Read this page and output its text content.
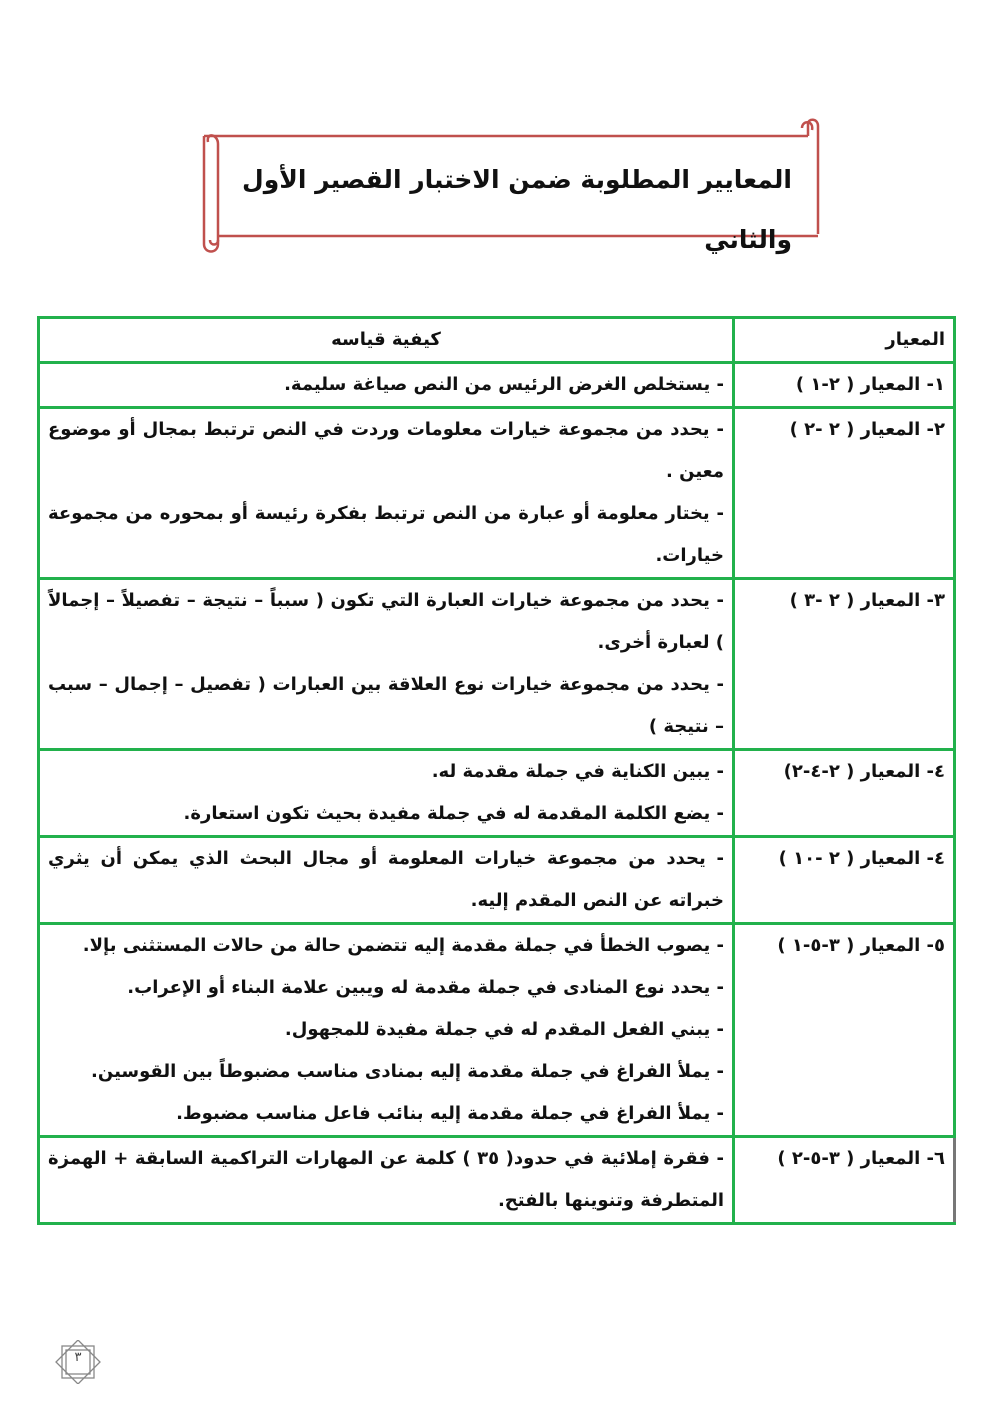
المعايير المطلوبة ضمن الاختبار القصير الأول والثاني
المعيار	كيفية قياسه
١- المعيار ( ٢-١ )	- يستخلص الغرض الرئيس من النص صياغة سليمة.

٢- المعيار ( ٢ -٢ )	- يحدد من مجموعة خيارات معلومات وردت في النص ترتبط بمجال أو موضوع معين .
- يختار معلومة أو عبارة من النص ترتبط بفكرة رئيسة أو بمحوره من مجموعة خيارات.

٣- المعيار ( ٢ -٣ )	- يحدد من مجموعة خيارات العبارة التي تكون ( سبباً – نتيجة – تفصيلاً – إجمالاً ) لعبارة أخرى.
- يحدد من مجموعة خيارات نوع العلاقة بين العبارات ( تفصيل – إجمال – سبب – نتيجة )

٤- المعيار ( ٢-٤-٢)	- يبين الكناية في جملة مقدمة له.
- يضع الكلمة المقدمة له في جملة مفيدة بحيث تكون استعارة.

٤- المعيار ( ٢ -١٠ )	- يحدد من مجموعة خيارات المعلومة أو مجال البحث الذي يمكن أن يثري خبراته عن النص المقدم إليه.

٥- المعيار ( ٣-٥-١ )	- يصوب الخطأ في جملة مقدمة إليه تتضمن حالة من حالات المستثنى بإلا.
- يحدد نوع المنادى في جملة مقدمة له ويبين علامة البناء أو الإعراب.
- يبني الفعل المقدم له في جملة مفيدة للمجهول.
- يملأ الفراغ في جملة مقدمة إليه بمنادى مناسب مضبوطاً بين القوسين.
- يملأ الفراغ في جملة مقدمة إليه بنائب فاعل مناسب مضبوط.

٦- المعيار ( ٣-٥-٢ )	- فقرة إملائية في حدود( ٣٥ ) كلمة عن المهارات التراكمية السابقة + الهمزة المتطرفة وتنوينها بالفتح.
٣
